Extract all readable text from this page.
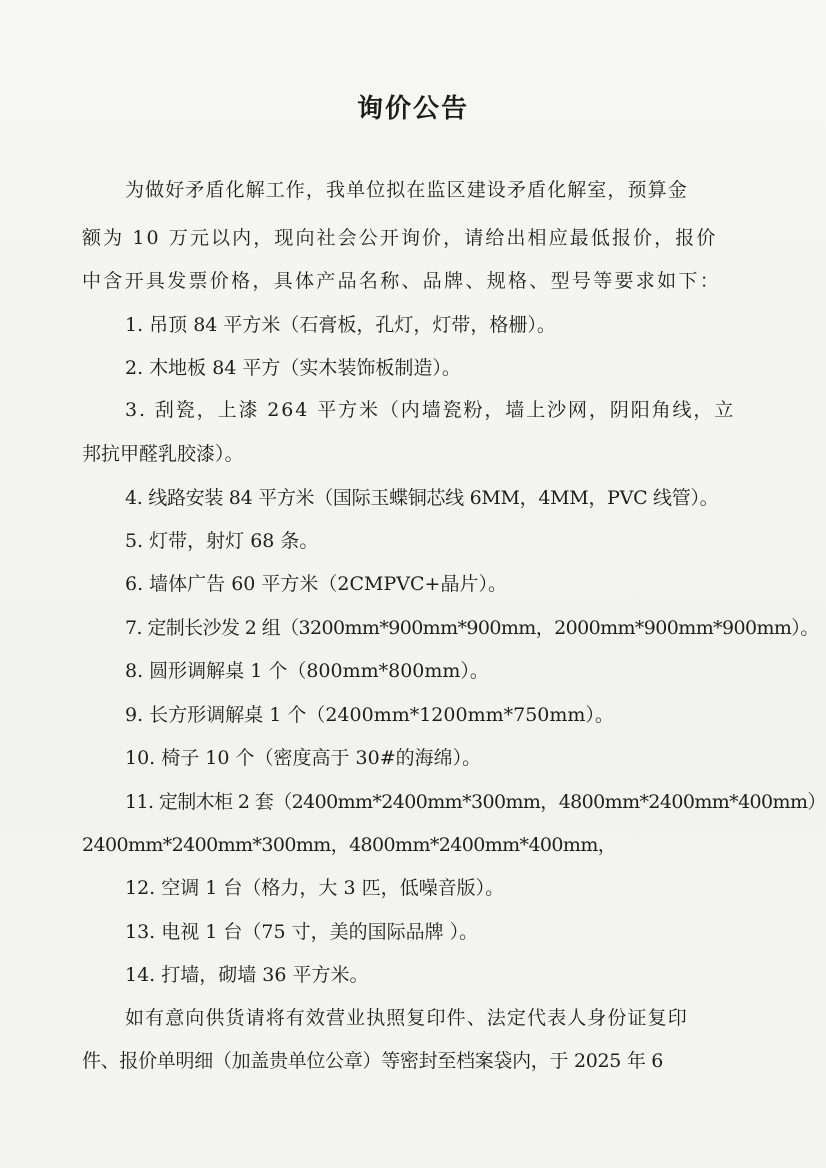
询价公告
为做好矛盾化解工作，我单位拟在监区建设矛盾化解室，预算金
额为 10 万元以内，现向社会公开询价，请给出相应最低报价，报价
中含开具发票价格，具体产品名称、品牌、规格、型号等要求如下：
1. 吊顶 84 平方米（石膏板，孔灯，灯带，格栅）。
2. 木地板 84 平方（实木装饰板制造）。
3. 刮瓷，上漆 264 平方米（内墙瓷粉，墙上沙网，阴阳角线，立
邦抗甲醛乳胶漆）。
4. 线路安装 84 平方米（国际玉蝶铜芯线 6MM，4MM，PVC 线管）。
5. 灯带，射灯 68 条。
6. 墙体广告 60 平方米（2CMPVC+晶片）。
7. 定制长沙发 2 组（3200mm*900mm*900mm，2000mm*900mm*900mm）。
8. 圆形调解桌 1 个（800mm*800mm）。
9. 长方形调解桌 1 个（2400mm*1200mm*750mm）。
10. 椅子 10 个（密度高于 30#的海绵）。
11. 定制木柜 2 套（2400mm*2400mm*300mm，4800mm*2400mm*400mm）
2400mm*2400mm*300mm，4800mm*2400mm*400mm，
12. 空调 1 台（格力，大 3 匹，低噪音版）。
13. 电视 1 台（75 寸，美的国际品牌 ）。
14. 打墙，砌墙 36 平方米。
如有意向供货请将有效营业执照复印件、法定代表人身份证复印
件、报价单明细（加盖贵单位公章）等密封至档案袋内，于 2025 年 6
